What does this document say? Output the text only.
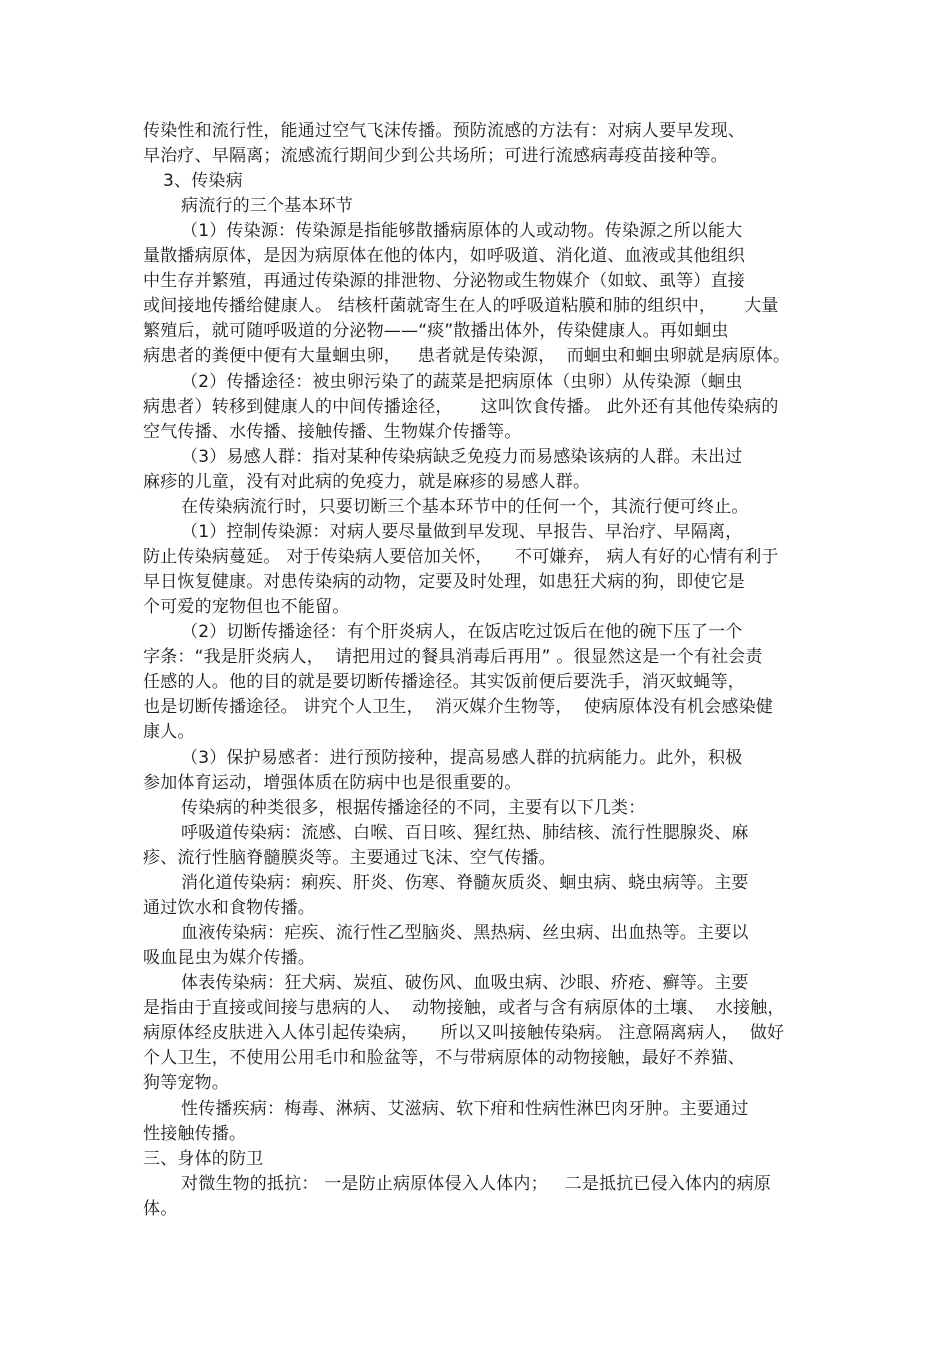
传染性和流行性，能通过空气飞沫传播。预防流感的方法有：对病人要早发现、
早治疗、早隔离；流感流行期间少到公共场所；可进行流感病毒疫苗接种等。
3、传染病
病流行的三个基本环节
（1）传染源：传染源是指能够散播病原体的人或动物。传染源之所以能大
量散播病原体，是因为病原体在他的体内，如呼吸道、消化道、血液或其他组织
中生存并繁殖，再通过传染源的排泄物、分泌物或生物媒介（如蚊、虱等）直接
或间接地传播给健康人。 结核杆菌就寄生在人的呼吸道粘膜和肺的组织中，     大量
繁殖后，就可随呼吸道的分泌物——“痰”散播出体外，传染健康人。再如蛔虫
病患者的粪便中便有大量蛔虫卵，   患者就是传染源，  而蛔虫和蛔虫卵就是病原体。
（2）传播途径：被虫卵污染了的蔬菜是把病原体（虫卵）从传染源（蛔虫
病患者）转移到健康人的中间传播途径，     这叫饮食传播。 此外还有其他传染病的
空气传播、水传播、接触传播、生物媒介传播等。
（3）易感人群：指对某种传染病缺乏免疫力而易感染该病的人群。未出过
麻疹的儿童，没有对此病的免疫力，就是麻疹的易感人群。
在传染病流行时，只要切断三个基本环节中的任何一个，其流行便可终止。
（1）控制传染源：对病人要尽量做到早发现、早报告、早治疗、早隔离，
防止传染病蔓延。 对于传染病人要倍加关怀，    不可嫌弃， 病人有好的心情有利于
早日恢复健康。对患传染病的动物，定要及时处理，如患狂犬病的狗，即使它是
个可爱的宠物但也不能留。
（2）切断传播途径：有个肝炎病人，在饭店吃过饭后在他的碗下压了一个
字条：“我是肝炎病人，  请把用过的餐具消毒后再用” 。很显然这是一个有社会责
任感的人。他的目的就是要切断传播途径。其实饭前便后要洗手，消灭蚊蝇等，
也是切断传播途径。 讲究个人卫生，  消灭媒介生物等，  使病原体没有机会感染健
康人。
（3）保护易感者：进行预防接种，提高易感人群的抗病能力。此外，积极
参加体育运动，增强体质在防病中也是很重要的。
传染病的种类很多，根据传播途径的不同，主要有以下几类：
呼吸道传染病：流感、白喉、百日咳、猩红热、肺结核、流行性腮腺炎、麻
疹、流行性脑脊髓膜炎等。主要通过飞沫、空气传播。
消化道传染病：痢疾、肝炎、伤寒、脊髓灰质炎、蛔虫病、蛲虫病等。主要
通过饮水和食物传播。
血液传染病：疟疾、流行性乙型脑炎、黑热病、丝虫病、出血热等。主要以
吸血昆虫为媒介传播。
体表传染病：狂犬病、炭疽、破伤风、血吸虫病、沙眼、疥疮、癣等。主要
是指由于直接或间接与患病的人、  动物接触，或者与含有病原体的土壤、  水接触，
病原体经皮肤进入人体引起传染病，    所以又叫接触传染病。 注意隔离病人，  做好
个人卫生，不使用公用毛巾和脸盆等，不与带病原体的动物接触，最好不养猫、
狗等宠物。
性传播疾病：梅毒、淋病、艾滋病、软下疳和性病性淋巴肉牙肿。主要通过
性接触传播。
三、身体的防卫
对微生物的抵抗： 一是防止病原体侵入人体内；   二是抵抗已侵入体内的病原
体。
